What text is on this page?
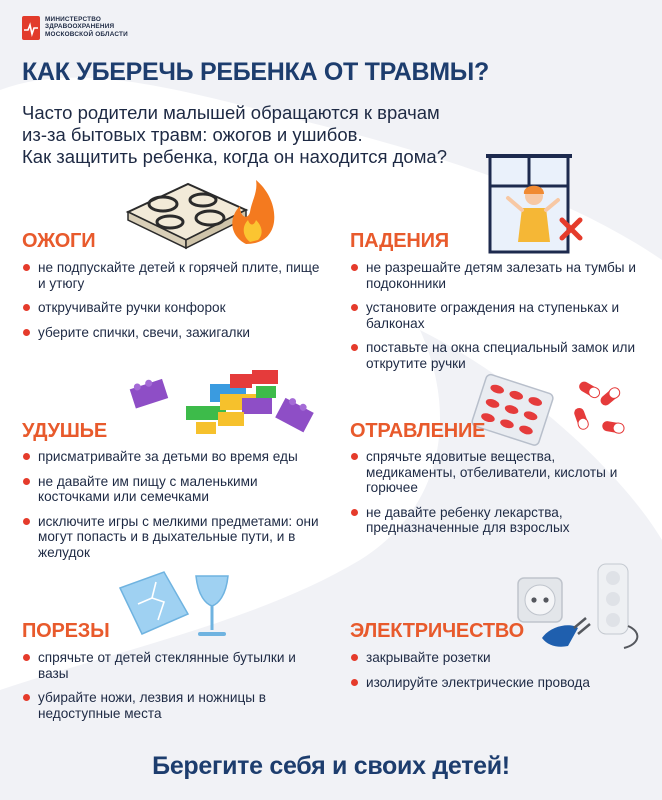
МИНИСТЕРСТВО
ЗДРАВООХРАНЕНИЯ
МОСКОВСКОЙ ОБЛАСТИ
КАК УБЕРЕЧЬ РЕБЕНКА ОТ ТРАВМЫ?
Часто родители малышей обращаются к врачам
из-за бытовых травм: ожогов и ушибов.
Как защитить ребенка, когда он находится дома?
ОЖОГИ
не подпускайте детей к горячей плите, пище и утюгу
откручивайте ручки конфорок
уберите спички, свечи, зажигалки
ПАДЕНИЯ
не разрешайте детям залезать на тумбы и подоконники
установите ограждения на ступеньках и балконах
поставьте на окна специальный замок или открутите ручки
УДУШЬЕ
присматривайте за детьми во время еды
не давайте им пищу с маленькими косточками или семечками
исключите игры с мелкими предметами: они могут попасть и в дыхательные пути, и в желудок
ОТРАВЛЕНИЕ
спрячьте ядовитые вещества, медикаменты, отбеливатели, кислоты и горючее
не давайте ребенку лекарства, предназначенные для взрослых
ПОРЕЗЫ
спрячьте от детей стеклянные бутылки и вазы
убирайте ножи, лезвия и ножницы в недоступные места
ЭЛЕКТРИЧЕСТВО
закрывайте розетки
изолируйте электрические провода
Берегите себя и своих детей!
